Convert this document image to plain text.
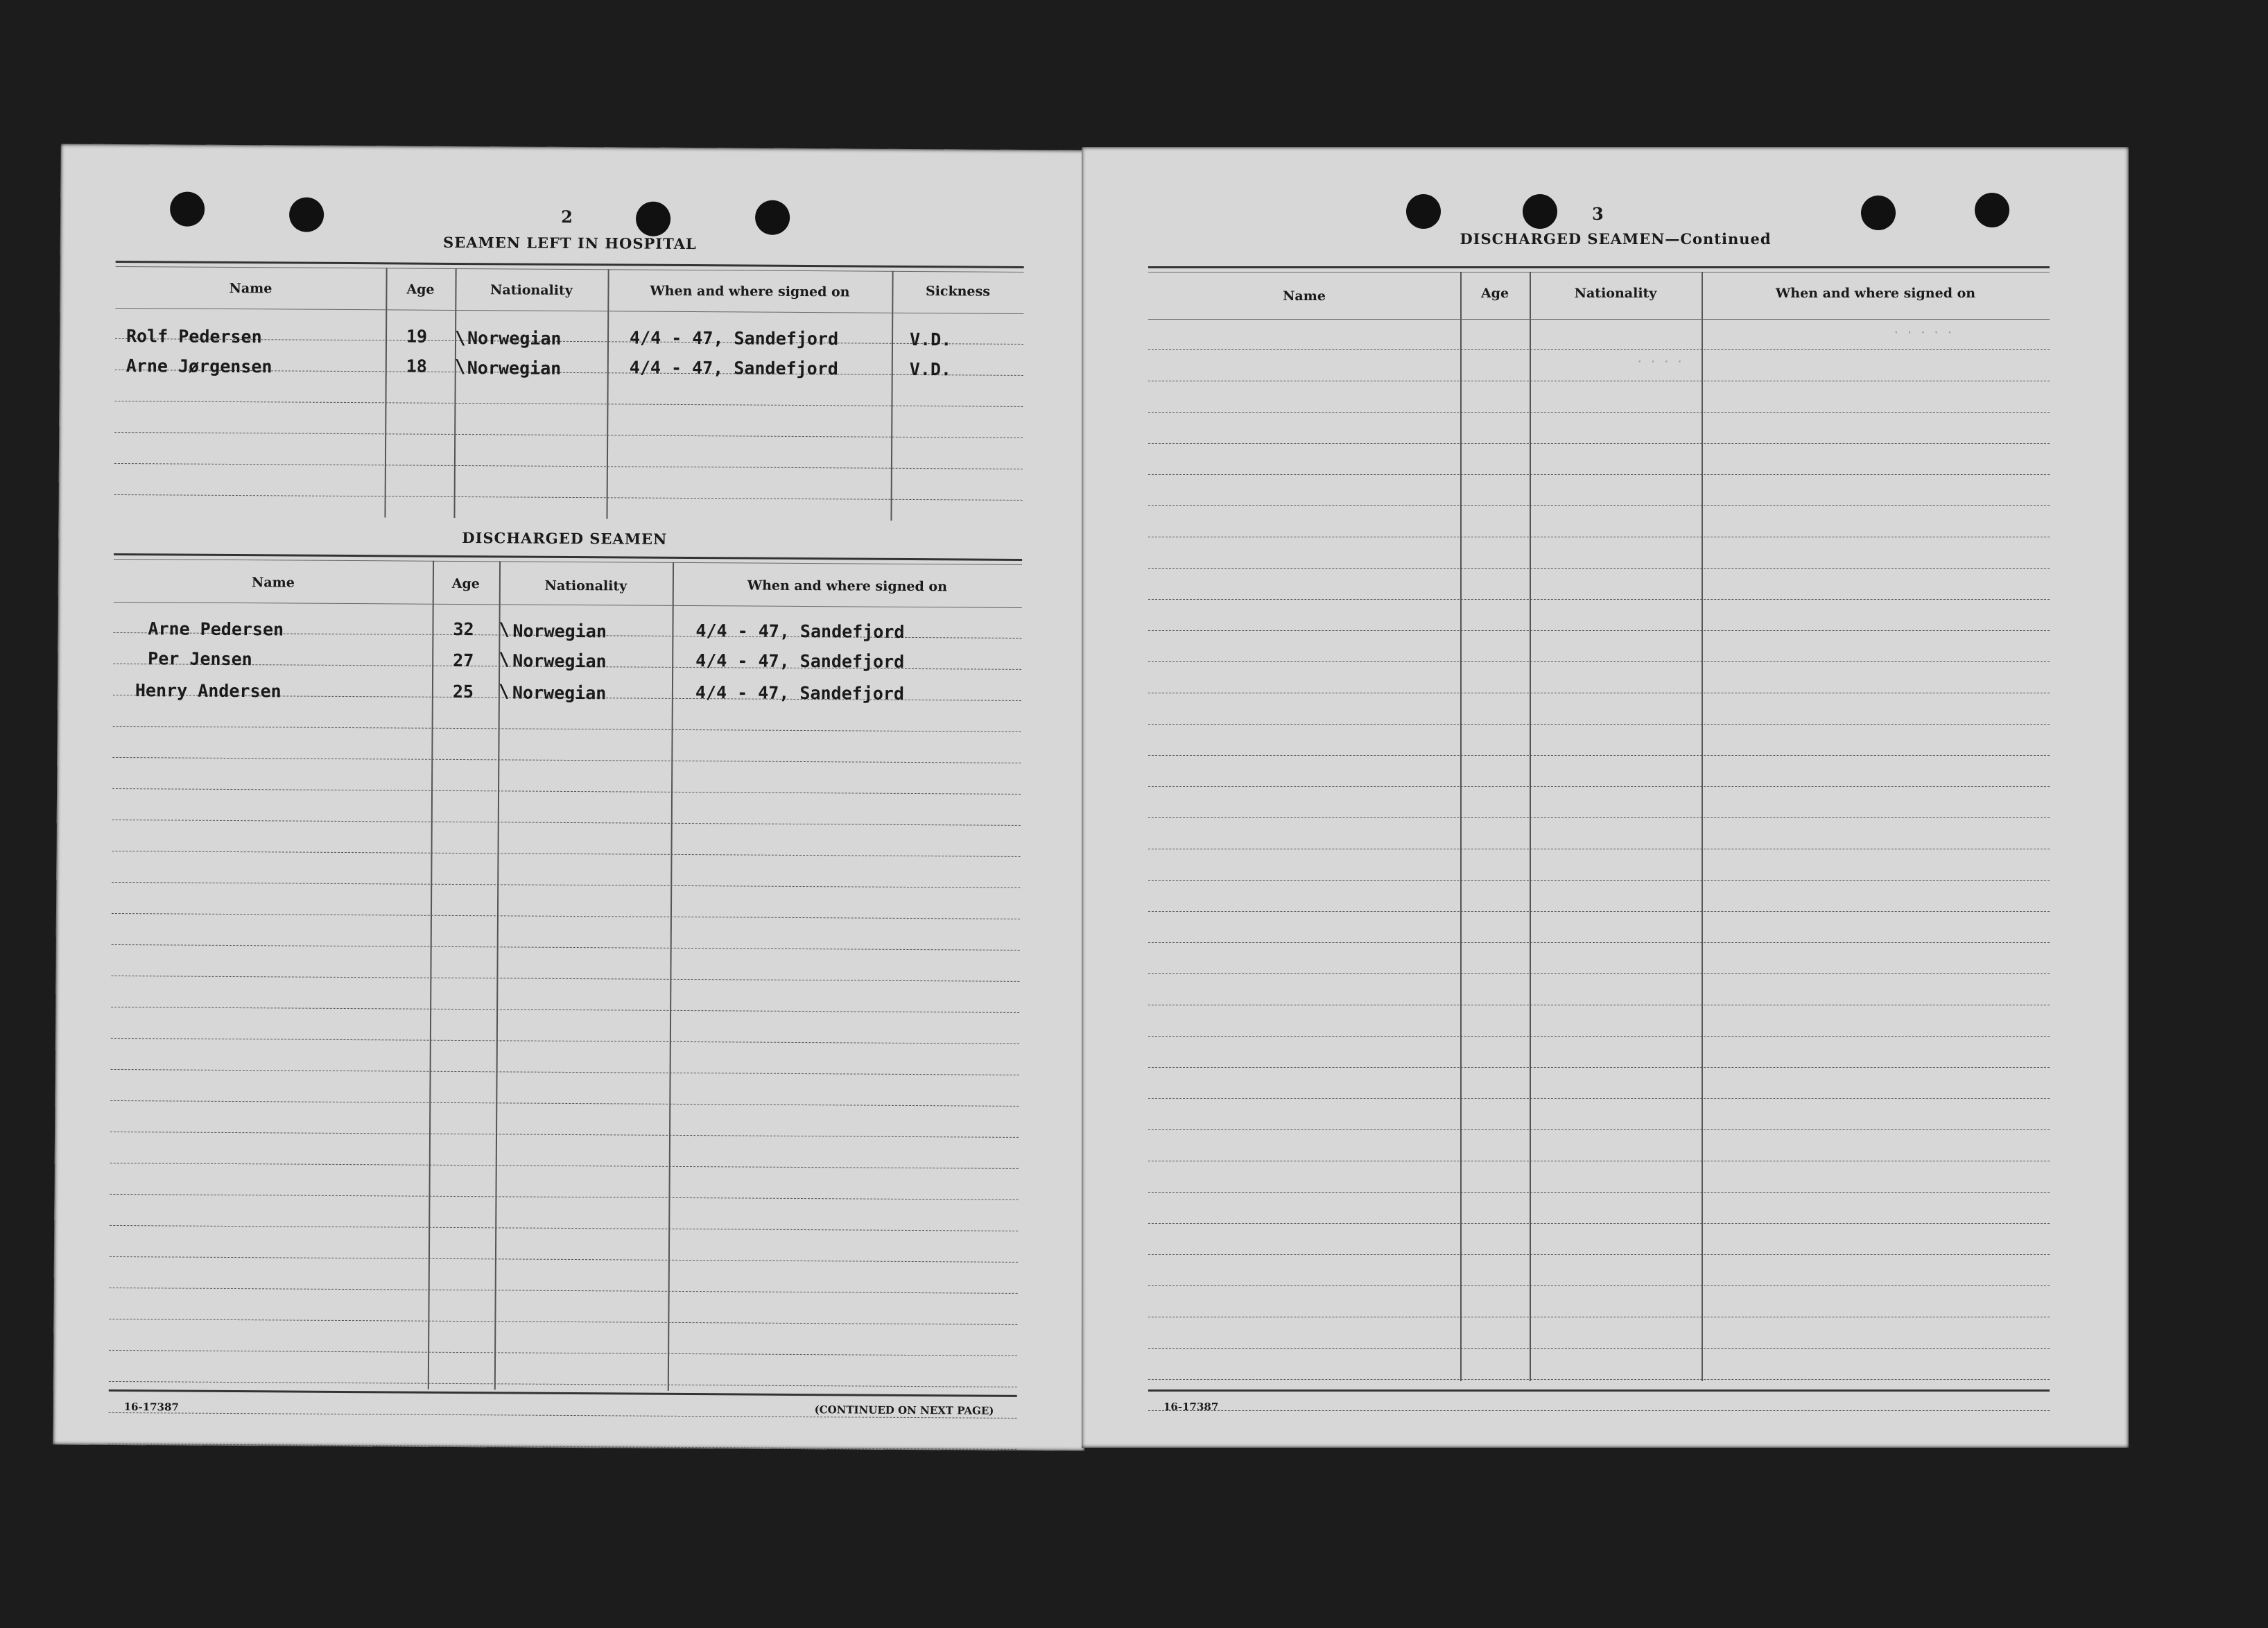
2
SEAMEN LEFT IN HOSPITAL
Name	Age	Nationality	When and where signed on	Sickness
Rolf Pedersen	19 \ Norwegian	4/4 - 47, Sandefjord	V.D.
Arne Jørgensen	18 \ Norwegian	4/4 - 47, Sandefjord	V.D.
DISCHARGED SEAMEN
Name	Age	Nationality	When and where signed on
Arne Pedersen	32 \ Norwegian	4/4 - 47, Sandefjord
Per Jensen	27 \ Norwegian	4/4 - 47, Sandefjord
Henry Andersen	25 \ Norwegian	4/4 - 47, Sandefjord
16-17387	(CONTINUED ON NEXT PAGE)
3
DISCHARGED SEAMEN—Continued
Name	Age	Nationality	When and where signed on
· · · · ·
· · · ·
16-17387
